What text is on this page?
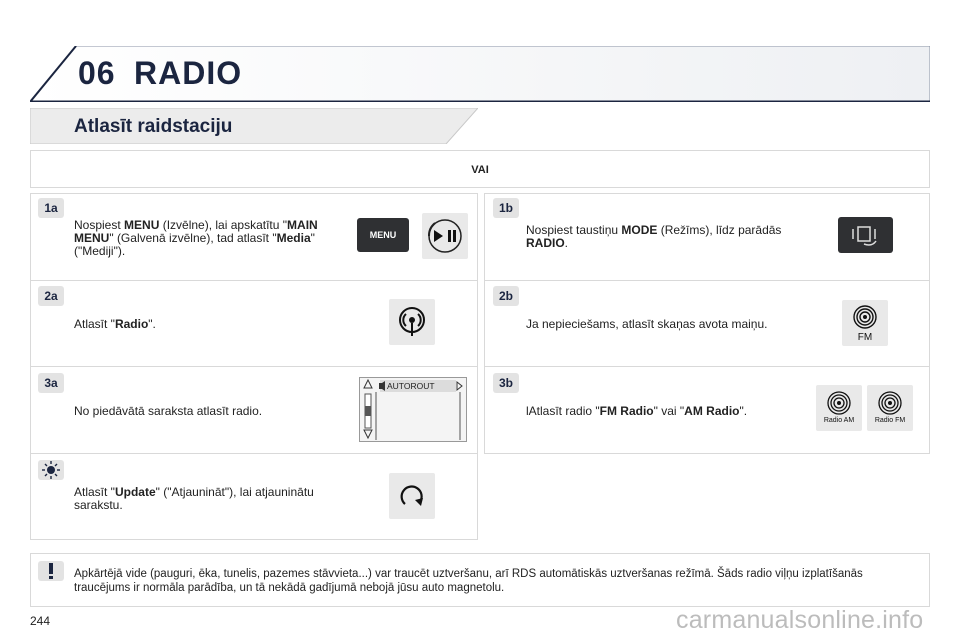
06 RADIO
Atlasīt raidstaciju
VAI
1a
Nospiest MENU (Izvēlne), lai apskatītu "MAIN MENU" (Galvenā izvēlne), tad atlasīt "Media" ("Mediji").
MENU
2a
Atlasīt "Radio".
3a
No piedāvātā saraksta atlasīt radio.
AUTOROUT
Atlasīt "Update" ("Atjaunināt"), lai atjauninātu sarakstu.
1b
Nospiest taustiņu MODE (Režīms), līdz parādās RADIO.
2b
Ja nepieciešams, atlasīt skaņas avota maiņu.
FM
3b
lAtlasīt radio "FM Radio" vai "AM Radio".
Radio AM	Radio FM
Apkārtējā vide (pauguri, ēka, tunelis, pazemes stāvvieta...) var traucēt uztveršanu, arī RDS automātiskās uztveršanas režīmā. Šāds radio viļņu izplatīšanās traucējums ir normāla parādība, un tā nekādā gadījumā nebojā jūsu auto magnetolu.
244	carmanualsonline.info
